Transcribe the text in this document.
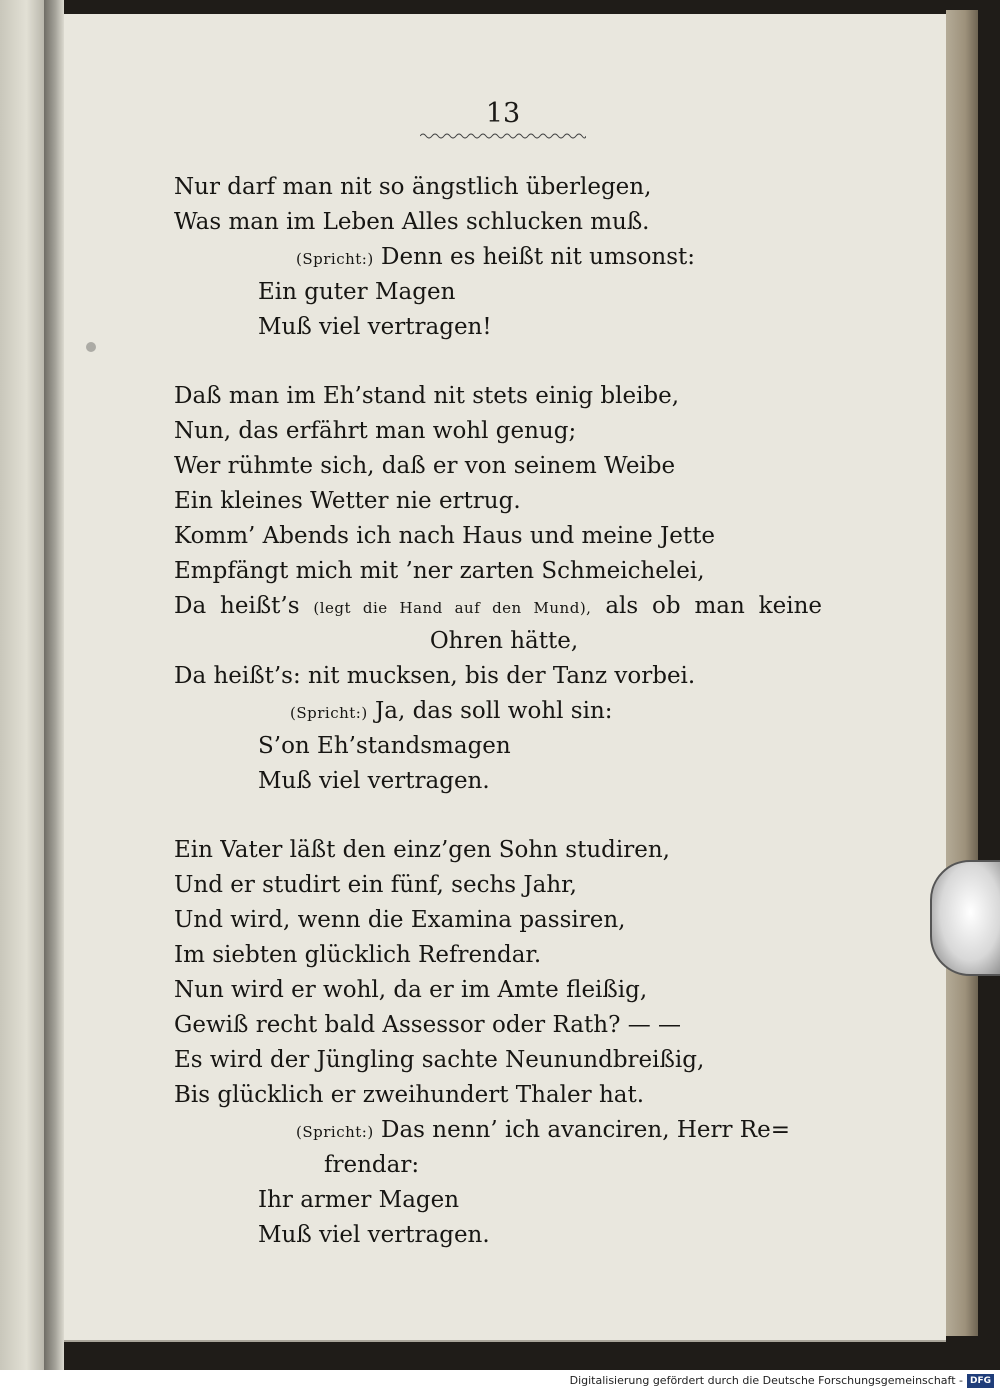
13
Nur darf man nit so ängstlich überlegen,
Was man im Leben Alles schlucken muß.
(Spricht:) Denn es heißt nit umsonst:
Ein guter Magen
Muß viel vertragen!
Daß man im Eh’stand nit stets einig bleibe,
Nun, das erfährt man wohl genug;
Wer rühmte sich, daß er von seinem Weibe
Ein kleines Wetter nie ertrug.
Komm’ Abends ich nach Haus und meine Jette
Empfängt mich mit ’ner zarten Schmeichelei,
Da heißt’s (legt die Hand auf den Mund), als ob man keine
Ohren hätte,
Da heißt’s: nit mucksen, bis der Tanz vorbei.
(Spricht:) Ja, das soll wohl sin:
S’on Eh’standsmagen
Muß viel vertragen.
Ein Vater läßt den einz’gen Sohn studiren,
Und er studirt ein fünf, sechs Jahr,
Und wird, wenn die Examina passiren,
Im siebten glücklich Refrendar.
Nun wird er wohl, da er im Amte fleißig,
Gewiß recht bald Assessor oder Rath? — —
Es wird der Jüngling sachte Neunundbreißig,
Bis glücklich er zweihundert Thaler hat.
(Spricht:) Das nenn’ ich avanciren, Herr Re=
frendar:
Ihr armer Magen
Muß viel vertragen.
Digitalisierung gefördert durch die Deutsche Forschungsgemeinschaft - DFG
